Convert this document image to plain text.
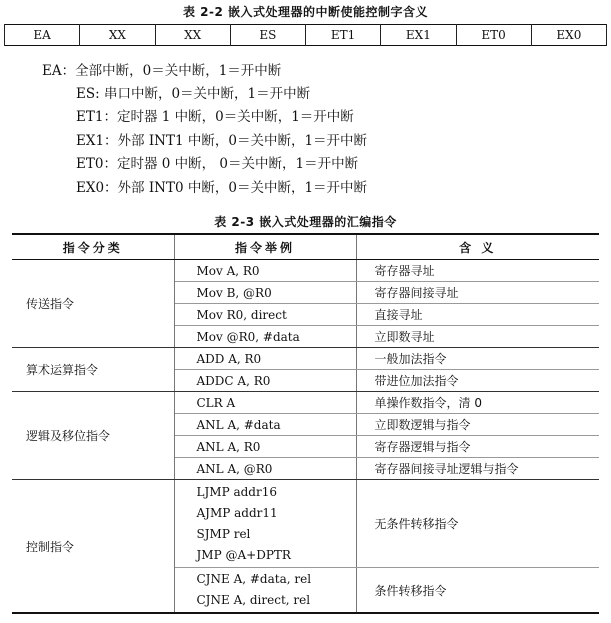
表 2-2 嵌入式处理器的中断使能控制字含义
EA	XX	XX	ES	ET1	EX1	ET0	EX0
EA：全部中断，0＝关中断，1＝开中断
ES: 串口中断，0＝关中断，1＝开中断
ET1：定时器 1 中断，0＝关中断，1＝开中断
EX1：外部 INT1 中断，0＝关中断，1＝开中断
ET0：定时器 0 中断， 0＝关中断，1＝开中断
EX0：外部 INT0 中断，0＝关中断，1＝开中断
表 2-3 嵌入式处理器的汇编指令
指令分类	指令举例	含 义
传送指令	Mov A, R0	寄存器寻址
	Mov B, @R0	寄存器间接寻址
	Mov R0, direct	直接寻址
	Mov @R0, #data	立即数寻址
算术运算指令	ADD A, R0	一般加法指令
	ADDC A, R0	带进位加法指令
逻辑及移位指令	CLR A	单操作数指令，清 0
	ANL A, #data	立即数逻辑与指令
	ANL A, R0	寄存器逻辑与指令
	ANL A, @R0	寄存器间接寻址逻辑与指令
控制指令	LJMP addr16
AJMP addr11
SJMP rel
JMP @A+DPTR	无条件转移指令

	CJNE A, #data, rel
CJNE A, direct, rel	条件转移指令
